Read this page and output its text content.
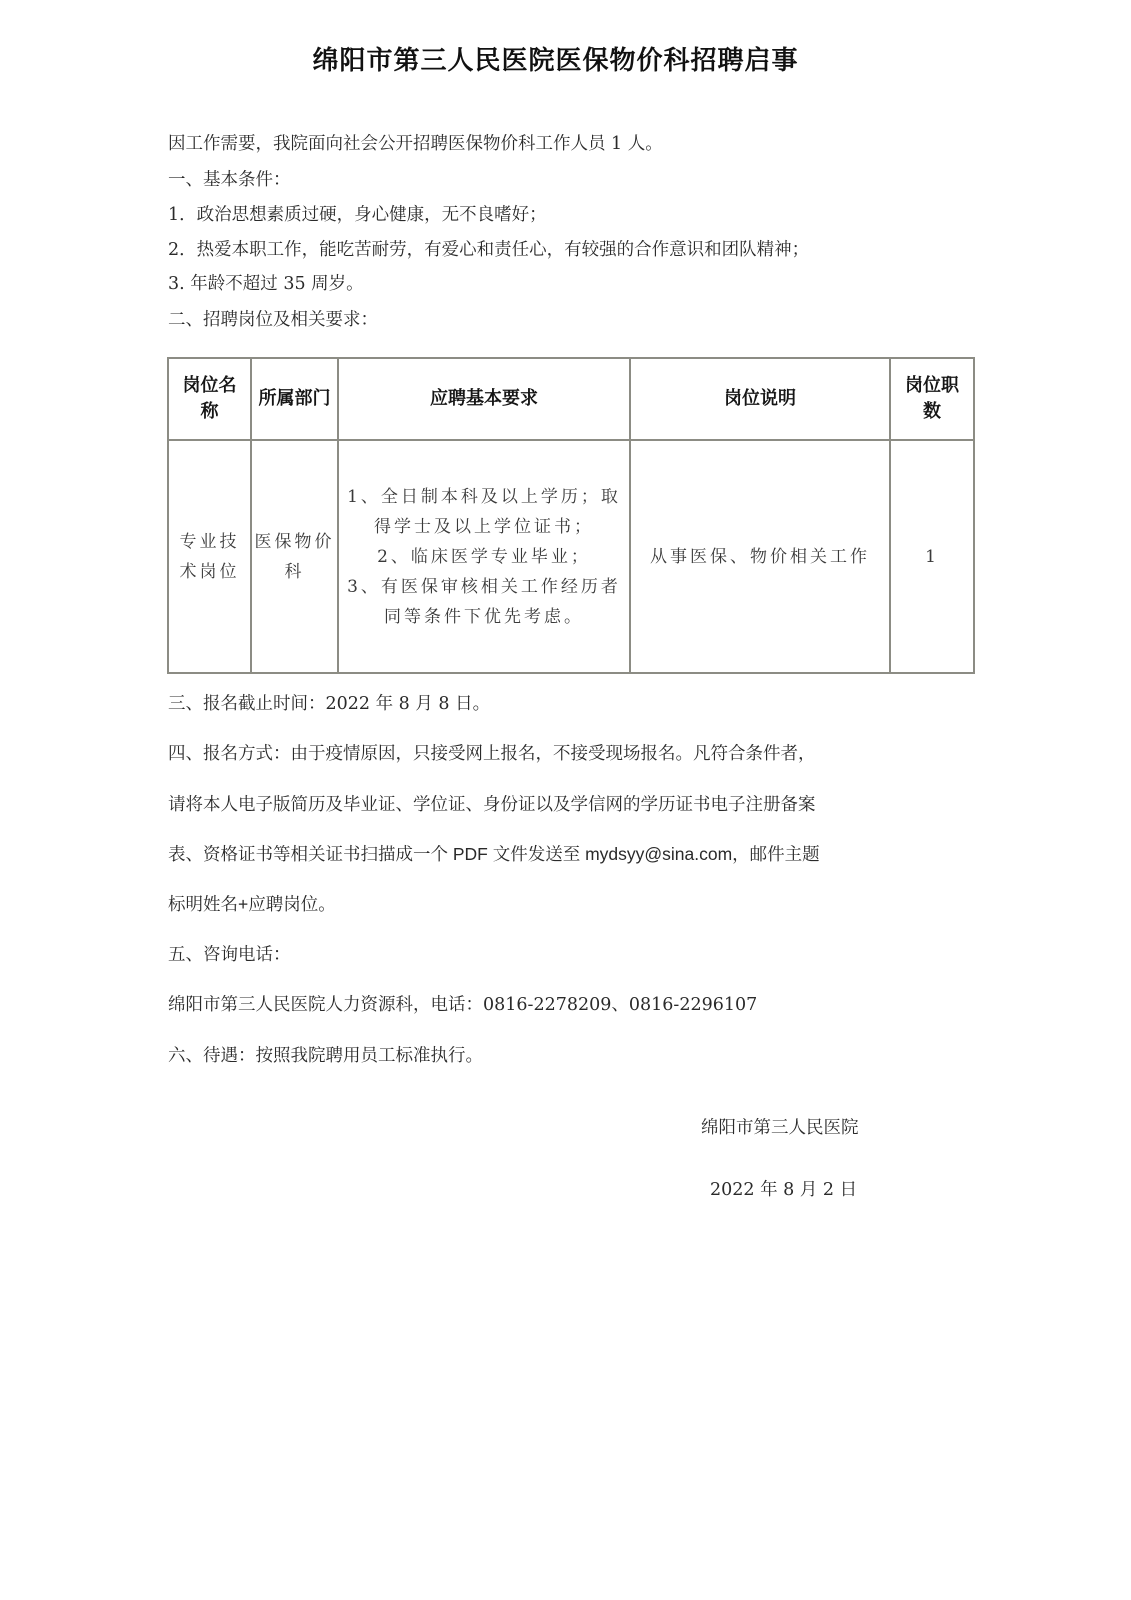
绵阳市第三人民医院医保物价科招聘启事
因工作需要，我院面向社会公开招聘医保物价科工作人员 1 人。
一、基本条件：
1．政治思想素质过硬，身心健康，无不良嗜好；
2．热爱本职工作，能吃苦耐劳，有爱心和责任心，有较强的合作意识和团队精神；
3. 年龄不超过 35 周岁。
二、招聘岗位及相关要求：
岗位名称	所属部门	应聘基本要求	岗位说明	岗位职数
专业技术岗位	医保物价科	1、全日制本科及以上学历；取得学士及以上学位证书；
2、临床医学专业毕业；
3、有医保审核相关工作经历者同等条件下优先考虑。	从事医保、物价相关工作	1
三、报名截止时间：2022 年 8 月 8 日。
四、报名方式：由于疫情原因，只接受网上报名，不接受现场报名。凡符合条件者，
请将本人电子版简历及毕业证、学位证、身份证以及学信网的学历证书电子注册备案
表、资格证书等相关证书扫描成一个 PDF 文件发送至 mydsyy@sina.com，邮件主题
标明姓名+应聘岗位。
五、咨询电话：
绵阳市第三人民医院人力资源科，电话：0816-2278209、0816-2296107
六、待遇：按照我院聘用员工标准执行。
绵阳市第三人民医院
2022 年 8 月 2 日
